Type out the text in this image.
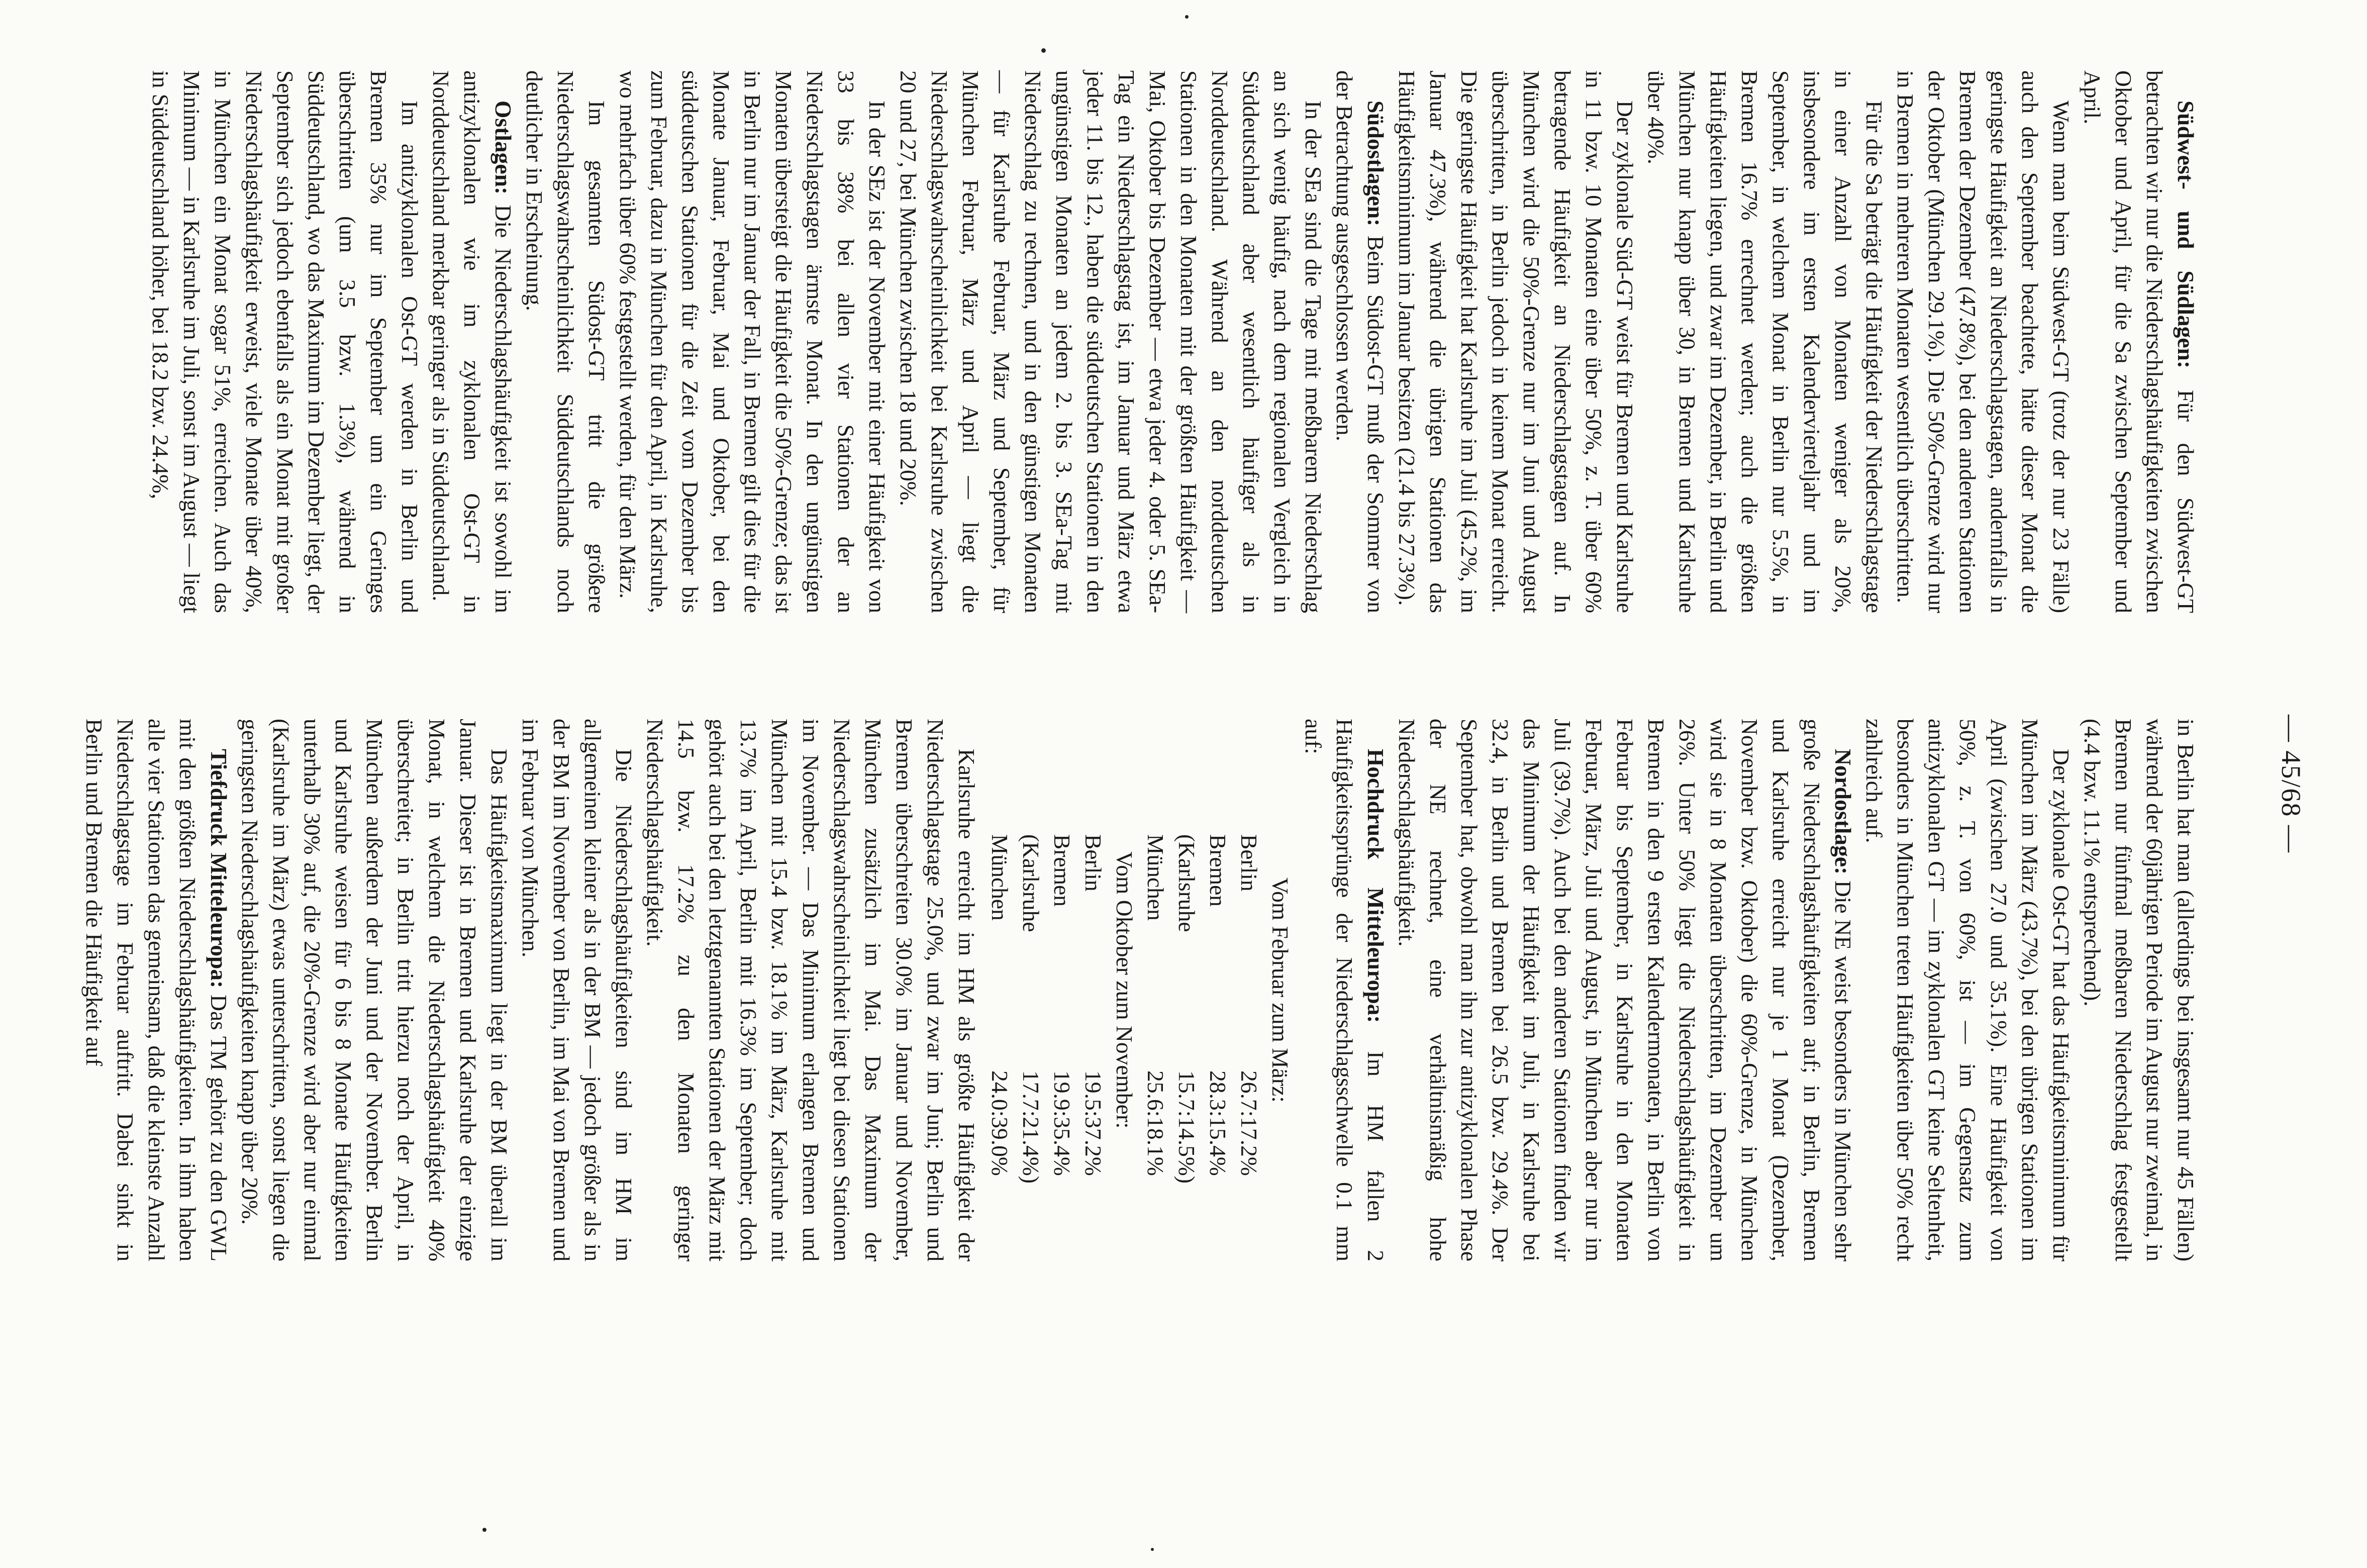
— 45/68 —

Südwest- und Südlagen: Für den Südwest-GT betrachten wir nur die Niederschlagshäufigkeiten zwischen Oktober und April, für die Sa zwischen September und April.

Wenn man beim Südwest-GT (trotz der nur 23 Fälle) auch den September beachtete, hätte dieser Monat die geringste Häufigkeit an Niederschlagstagen, andernfalls in Bremen der Dezember (47.8%), bei den anderen Stationen der Oktober (München 29.1%). Die 50%-Grenze wird nur in Bremen in mehreren Monaten wesentlich überschritten.

Für die Sa beträgt die Häufigkeit der Niederschlagstage in einer Anzahl von Monaten weniger als 20%, insbesondere im ersten Kalendervierteljahr und im September, in welchem Monat in Berlin nur 5.5%, in Bremen 16.7% errechnet werden; auch die größten Häufigkeiten liegen, und zwar im Dezember, in Berlin und München nur knapp über 30, in Bremen und Karlsruhe über 40%.

Der zyklonale Süd-GT weist für Bremen und Karlsruhe in 11 bzw. 10 Monaten eine über 50%, z. T. über 60% betragende Häufigkeit an Niederschlagstagen auf. In München wird die 50%-Grenze nur im Juni und August überschritten, in Berlin jedoch in keinem Monat erreicht. Die geringste Häufigkeit hat Karlsruhe im Juli (45.2%, im Januar 47.3%), während die übrigen Stationen das Häufigkeitsminimum im Januar besitzen (21.4 bis 27.3%).

Südostlagen: Beim Südost-GT muß der Sommer von der Betrachtung ausgeschlossen werden.

In der SEa sind die Tage mit meßbarem Niederschlag an sich wenig häufig, nach dem regionalen Vergleich in Süddeutschland aber wesentlich häufiger als in Norddeutschland. Während an den norddeutschen Stationen in den Monaten mit der größten Häufigkeit — Mai, Oktober bis Dezember — etwa jeder 4. oder 5. SEa-Tag ein Niederschlagstag ist, im Januar und März etwa jeder 11. bis 12., haben die süddeutschen Stationen in den ungünstigen Monaten an jedem 2. bis 3. SEa-Tag mit Niederschlag zu rechnen, und in den günstigen Monaten — für Karlsruhe Februar, März und September, für München Februar, März und April — liegt die Niederschlagswahrscheinlichkeit bei Karlsruhe zwischen 20 und 27, bei München zwischen 18 und 20%.

In der SEz ist der November mit einer Häufigkeit von 33 bis 38% bei allen vier Stationen der an Niederschlagstagen ärmste Monat. In den ungünstigen Monaten übersteigt die Häufigkeit die 50%-Grenze; das ist in Berlin nur im Januar der Fall, in Bremen gilt dies für die Monate Januar, Februar, Mai und Oktober, bei den süddeutschen Stationen für die Zeit vom Dezember bis zum Februar, dazu in München für den April, in Karlsruhe, wo mehrfach über 60% festgestellt werden, für den März.

Im gesamten Südost-GT tritt die größere Niederschlagswahrscheinlichkeit Süddeutschlands noch deutlicher in Erscheinung.

Ostlagen: Die Niederschlagshäufigkeit ist sowohl im antizyklonalen wie im zyklonalen Ost-GT in Norddeutschland merkbar geringer als in Süddeutschland.

Im antizyklonalen Ost-GT werden in Berlin und Bremen 35% nur im September um ein Geringes überschritten (um 3.5 bzw. 1.3%), während in Süddeutschland, wo das Maximum im Dezember liegt, der September sich jedoch ebenfalls als ein Monat mit großer Niederschlagshäufigkeit erweist, viele Monate über 40%, in München ein Monat sogar 51%, erreichen. Auch das Minimum — in Karlsruhe im Juli, sonst im August — liegt in Süddeutschland höher, bei 18.2 bzw. 24.4%,

in Berlin hat man (allerdings bei insgesamt nur 45 Fällen) während der 60jährigen Periode im August nur zweimal, in Bremen nur fünfmal meßbaren Niederschlag festgestellt (4.4 bzw. 11.1% entsprechend).

Der zyklonale Ost-GT hat das Häufigkeitsminimum für München im März (43.7%), bei den übrigen Stationen im April (zwischen 27.0 und 35.1%). Eine Häufigkeit von 50%, z. T. von 60%, ist — im Gegensatz zum antizyklonalen GT — im zyklonalen GT keine Seltenheit, besonders in München treten Häufigkeiten über 50% recht zahlreich auf.

Nordostlage: Die NE weist besonders in München sehr große Niederschlagshäufigkeiten auf; in Berlin, Bremen und Karlsruhe erreicht nur je 1 Monat (Dezember, November bzw. Oktober) die 60%-Grenze, in München wird sie in 8 Monaten überschritten, im Dezember um 26%. Unter 50% liegt die Niederschlagshäufigkeit in Bremen in den 9 ersten Kalendermonaten, in Berlin von Februar bis September, in Karlsruhe in den Monaten Februar, März, Juli und August, in München aber nur im Juli (39.7%). Auch bei den anderen Stationen finden wir das Minimum der Häufigkeit im Juli, in Karlsruhe bei 32.4, in Berlin und Bremen bei 26.5 bzw. 29.4%. Der September hat, obwohl man ihn zur antizyklonalen Phase der NE rechnet, eine verhältnismäßig hohe Niederschlagshäufigkeit.

Hochdruck Mitteleuropa: Im HM fallen 2 Häufigkeitssprünge der Niederschlagsschwelle 0.1 mm auf:

Vom Februar zum März:
Berlin
26.7:17.2%
Bremen
28.3:15.4%
(Karlsruhe
15.7:14.5%)
München
25.6:18.1%
Vom Oktober zum November:
Berlin
19.5:37.2%
Bremen
19.9:35.4%
(Karlsruhe
17.7:21.4%)
München
24.0:39.0%

Karlsruhe erreicht im HM als größte Häufigkeit der Niederschlagstage 25.0%, und zwar im Juni; Berlin und Bremen überschreiten 30.0% im Januar und November, München zusätzlich im Mai. Das Maximum der Niederschlagswahrscheinlichkeit liegt bei diesen Stationen im November. — Das Minimum erlangen Bremen und München mit 15.4 bzw. 18.1% im März, Karlsruhe mit 13.7% im April, Berlin mit 16.3% im September; doch gehört auch bei den letztgenannten Stationen der März mit 14.5 bzw. 17.2% zu den Monaten geringer Niederschlagshäufigkeit.

Die Niederschlagshäufigkeiten sind im HM im allgemeinen kleiner als in der BM — jedoch größer als in der BM im November von Berlin, im Mai von Bremen und im Februar von München.

Das Häufigkeitsmaximum liegt in der BM überall im Januar. Dieser ist in Bremen und Karlsruhe der einzige Monat, in welchem die Niederschlagshäufigkeit 40% überschreitet; in Berlin tritt hierzu noch der April, in München außerdem der Juni und der November. Berlin und Karlsruhe weisen für 6 bis 8 Monate Häufigkeiten unterhalb 30% auf, die 20%-Grenze wird aber nur einmal (Karlsruhe im März) etwas unterschritten, sonst liegen die geringsten Niederschlagshäufigkeiten knapp über 20%.

Tiefdruck Mitteleuropa: Das TM gehört zu den GWL mit den größten Niederschlagshäufigkeiten. In ihm haben alle vier Stationen das gemeinsam, daß die kleinste Anzahl Niederschlagstage im Februar auftritt. Dabei sinkt in Berlin und Bremen die Häufigkeit auf
